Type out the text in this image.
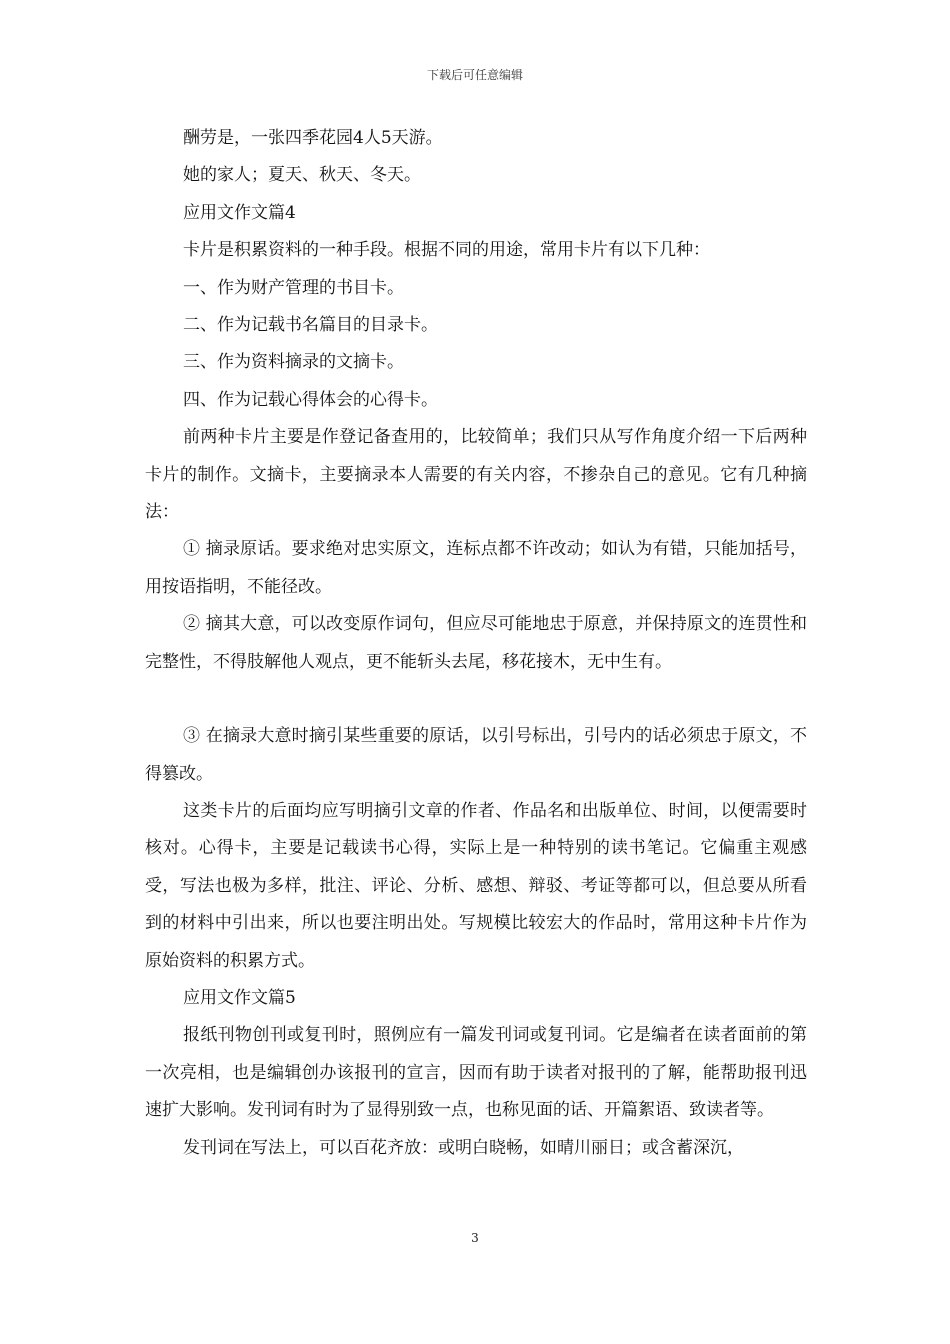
下载后可任意编辑

酬劳是，一张四季花园4人5天游。

她的家人；夏天、秋天、冬天。

应用文作文篇4

卡片是积累资料的一种手段。根据不同的用途，常用卡片有以下几种：

一、作为财产管理的书目卡。

二、作为记载书名篇目的目录卡。

三、作为资料摘录的文摘卡。

四、作为记载心得体会的心得卡。

前两种卡片主要是作登记备查用的，比较简单；我们只从写作角度介绍一下后两种卡片的制作。文摘卡，主要摘录本人需要的有关内容，不掺杂自己的意见。它有几种摘法：

① 摘录原话。要求绝对忠实原文，连标点都不许改动；如认为有错，只能加括号，用按语指明，不能径改。

② 摘其大意，可以改变原作词句，但应尽可能地忠于原意，并保持原文的连贯性和完整性，不得肢解他人观点，更不能斩头去尾，移花接木，无中生有。

③ 在摘录大意时摘引某些重要的原话，以引号标出，引号内的话必须忠于原文，不得篡改。

这类卡片的后面均应写明摘引文章的作者、作品名和出版单位、时间，以便需要时核对。心得卡，主要是记载读书心得，实际上是一种特别的读书笔记。它偏重主观感受，写法也极为多样，批注、评论、分析、感想、辩驳、考证等都可以，但总要从所看到的材料中引出来，所以也要注明出处。写规模比较宏大的作品时，常用这种卡片作为原始资料的积累方式。

应用文作文篇5

报纸刊物创刊或复刊时，照例应有一篇发刊词或复刊词。它是编者在读者面前的第一次亮相，也是编辑创办该报刊的宣言，因而有助于读者对报刊的了解，能帮助报刊迅速扩大影响。发刊词有时为了显得别致一点，也称见面的话、开篇絮语、致读者等。

发刊词在写法上，可以百花齐放：或明白晓畅，如晴川丽日；或含蓄深沉，

3
